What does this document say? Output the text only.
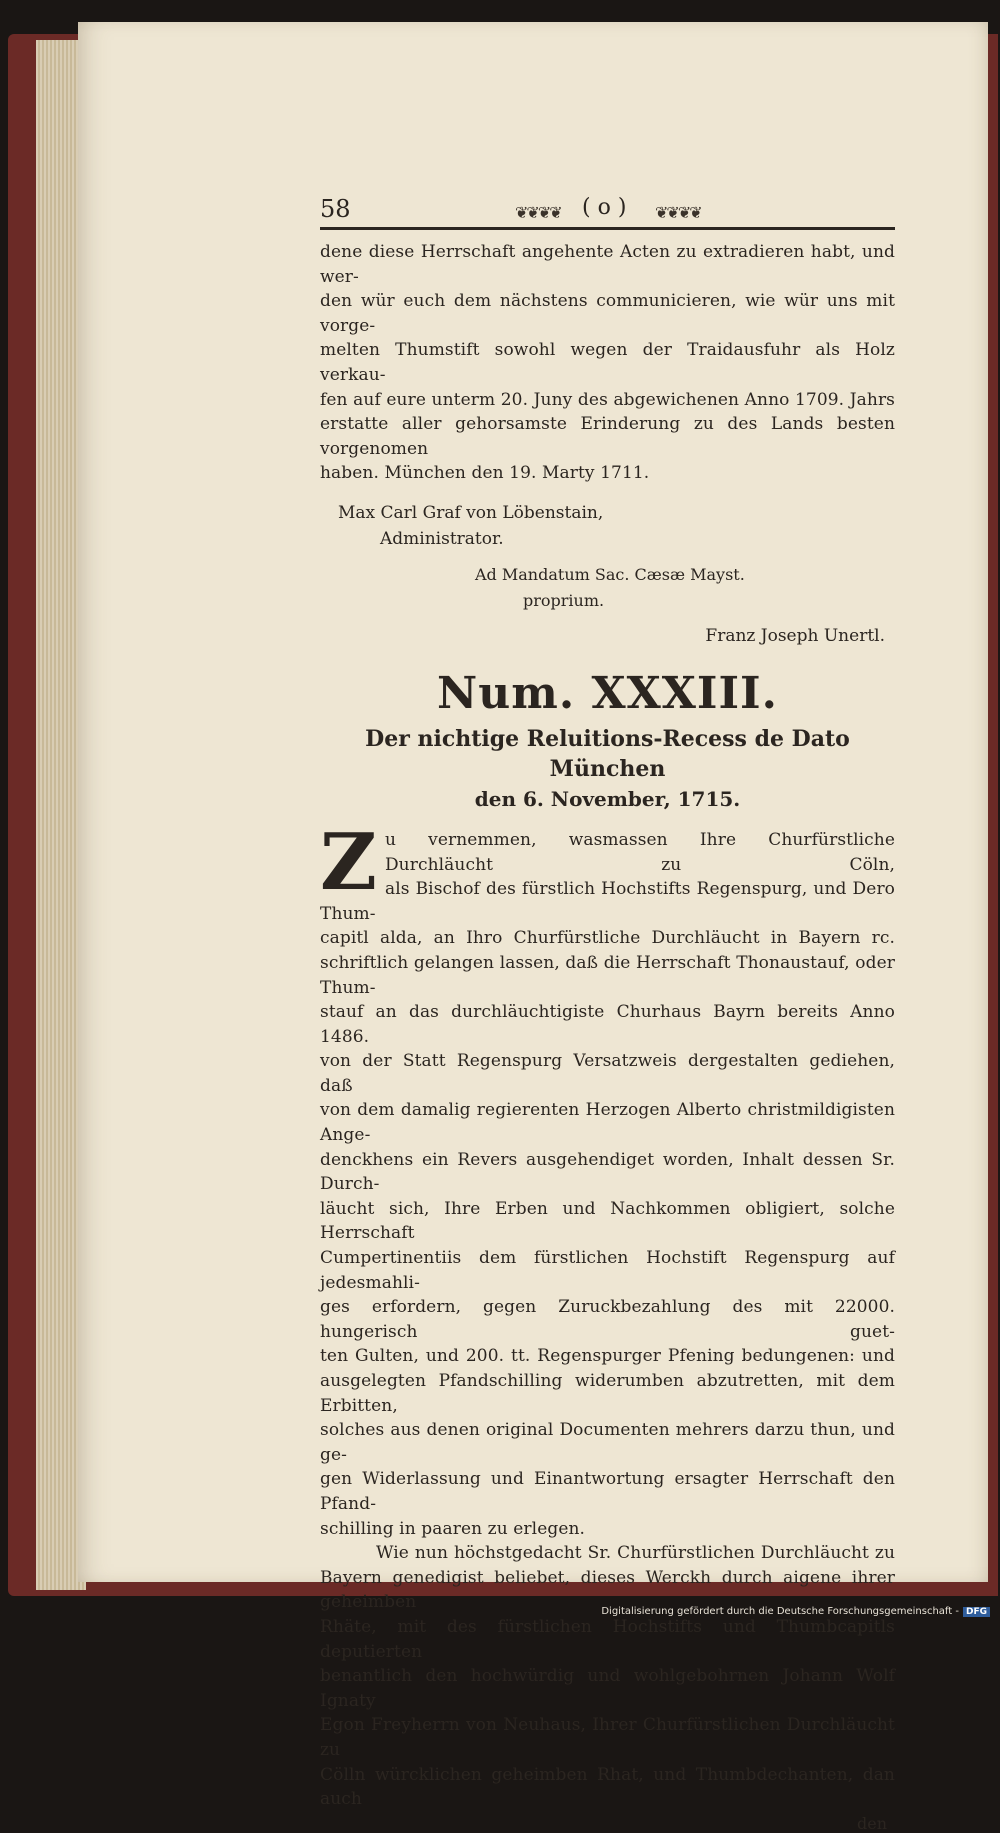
58	❦❦❦❦ ( o ) ❦❦❦❦

dene diese Herrschaft angehente Acten zu extradieren habt, und wer-
den wür euch dem nächstens communicieren, wie wür uns mit vorge-
melten Thumstift sowohl wegen der Traidausfuhr als Holz verkau-
fen auf eure unterm 20. Juny des abgewichenen Anno 1709. Jahrs
erstatte aller gehorsamste Erinderung zu des Lands besten vorgenomen
haben. München den 19. Marty 1711.

Max Carl Graf von Löbenstain,
Administrator.
Ad Mandatum Sac. Cæsæ Mayst.
proprium.
Franz Joseph Unertl.
Num. XXXIII.
Der nichtige Reluitions-Recess de Dato München
den 6. November, 1715.
Z u vernemmen, wasmassen Ihre Churfürstliche Durchläucht zu Cöln,
als Bischof des fürstlich Hochstifts Regenspurg, und Dero Thum-
capitl alda, an Ihro Churfürstliche Durchläucht in Bayern rc.
schriftlich gelangen lassen, daß die Herrschaft Thonaustauf, oder Thum-
stauf an das durchläuchtigiste Churhaus Bayrn bereits Anno 1486.
von der Statt Regenspurg Versatzweis dergestalten gediehen, daß
von dem damalig regierenten Herzogen Alberto christmildigisten Ange-
denckhens ein Revers ausgehendiget worden, Inhalt dessen Sr. Durch-
läucht sich, Ihre Erben und Nachkommen obligiert, solche Herrschaft
Cumpertinentiis dem fürstlichen Hochstift Regenspurg auf jedesmahli-
ges erfordern, gegen Zuruckbezahlung des mit 22000. hungerisch guet-
ten Gulten, und 200. tt. Regenspurger Pfening bedungenen: und
ausgelegten Pfandschilling widerumben abzutretten, mit dem Erbitten,
solches aus denen original Documenten mehrers darzu thun, und ge-
gen Widerlassung und Einantwortung ersagter Herrschaft den Pfand-
schilling in paaren zu erlegen.

Wie nun höchstgedacht Sr. Churfürstlichen Durchläucht zu
Bayern genedigist beliebet, dieses Werckh durch aigene ihrer geheimben
Rhäte, mit des fürstlichen Hochstifts und Thumbcapitls deputierten
benantlich den hochwürdig und wohlgebohrnen Johann Wolf Ignaty
Egon Freyherrn von Neuhaus, Ihrer Churfürstlichen Durchläucht zu
Cölln würcklichen geheimben Rhat, und Thumbdechanten, dan auch

den
Digitalisierung gefördert durch die Deutsche Forschungsgemeinschaft - DFG
